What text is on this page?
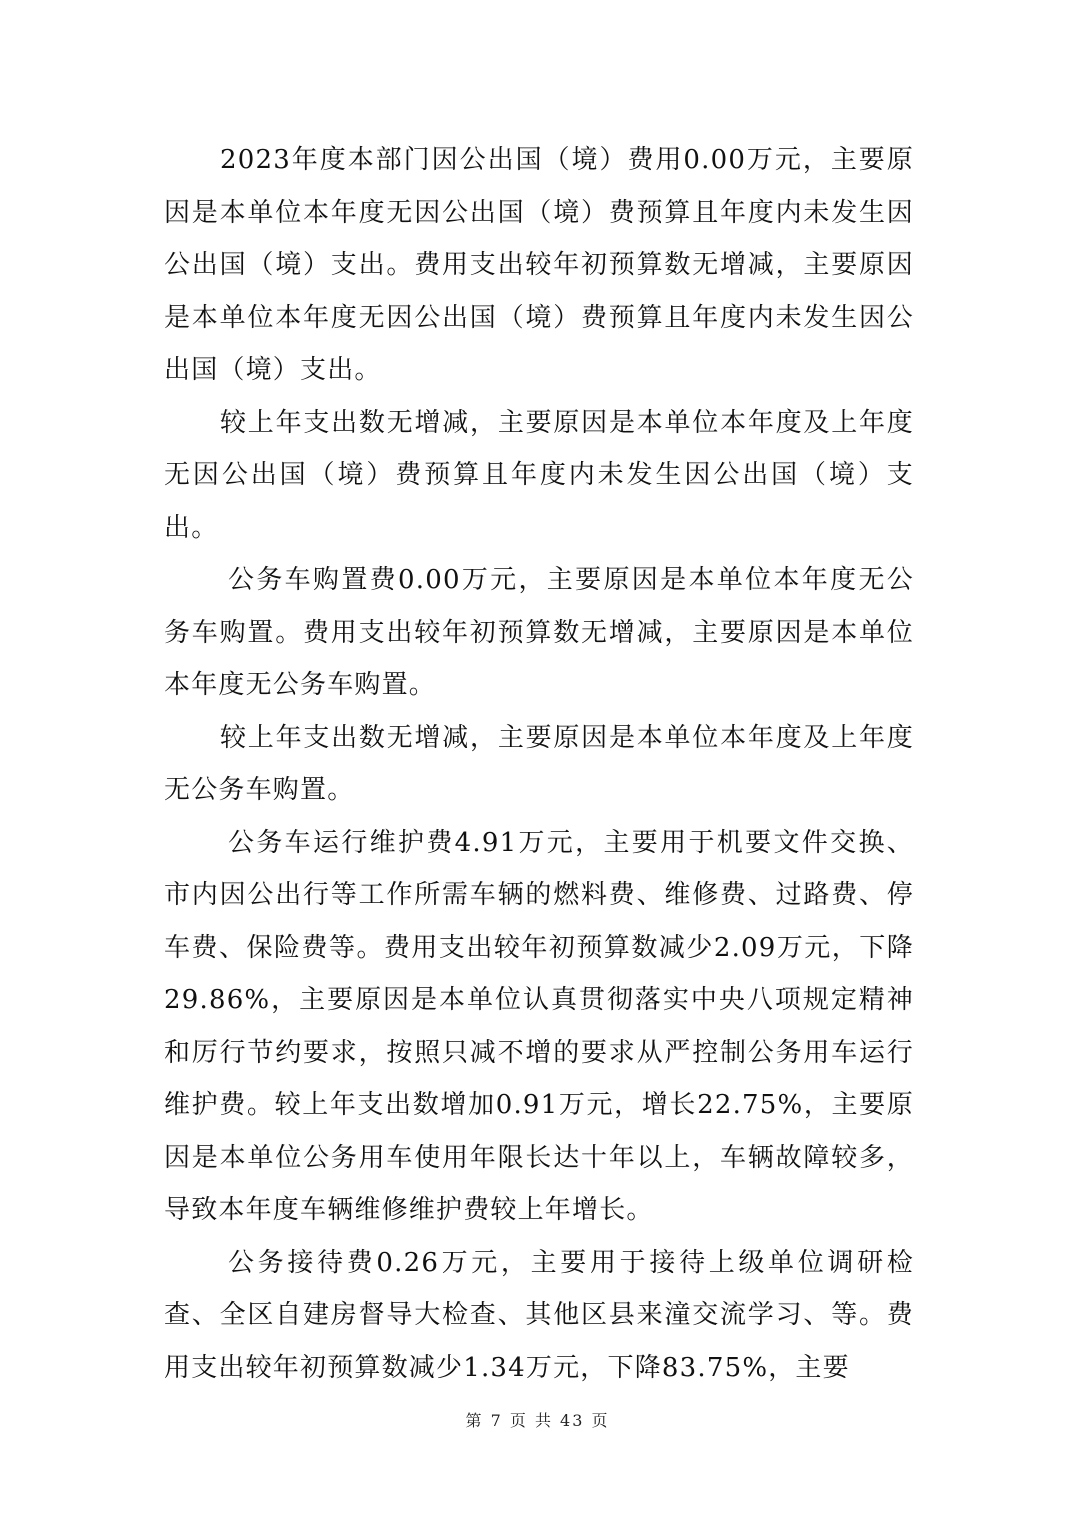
2023年度本部门因公出国（境）费用0.00万元，主要原因是本单位本年度无因公出国（境）费预算且年度内未发生因公出国（境）支出。费用支出较年初预算数无增减，主要原因是本单位本年度无因公出国（境）费预算且年度内未发生因公出国（境）支出。

较上年支出数无增减，主要原因是本单位本年度及上年度无因公出国（境）费预算且年度内未发生因公出国（境）支出。

公务车购置费0.00万元，主要原因是本单位本年度无公务车购置。费用支出较年初预算数无增减，主要原因是本单位本年度无公务车购置。

较上年支出数无增减，主要原因是本单位本年度及上年度无公务车购置。

公务车运行维护费4.91万元，主要用于机要文件交换、市内因公出行等工作所需车辆的燃料费、维修费、过路费、停车费、保险费等。费用支出较年初预算数减少2.09万元，下降29.86%，主要原因是本单位认真贯彻落实中央八项规定精神和厉行节约要求，按照只减不增的要求从严控制公务用车运行维护费。较上年支出数增加0.91万元，增长22.75%，主要原因是本单位公务用车使用年限长达十年以上，车辆故障较多，导致本年度车辆维修维护费较上年增长。

公务接待费0.26万元，主要用于接待上级单位调研检查、全区自建房督导大检查、其他区县来潼交流学习、等。费用支出较年初预算数减少1.34万元，下降83.75%，主要

第 7 页 共 43 页
